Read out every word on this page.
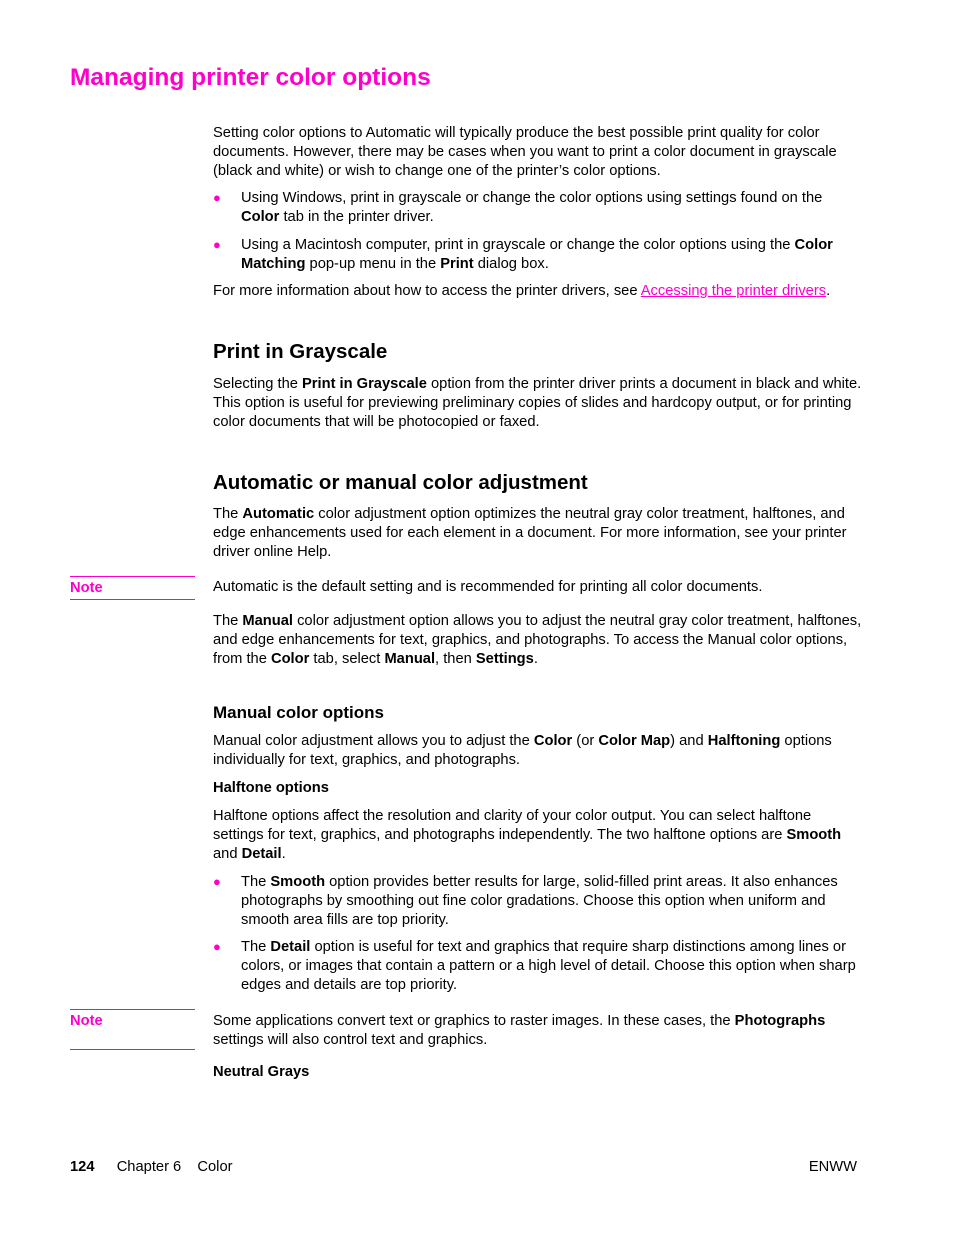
Managing printer color options

Setting color options to Automatic will typically produce the best possible print quality for color documents. However, there may be cases when you want to print a color document in grayscale (black and white) or wish to change one of the printer’s color options.

● Using Windows, print in grayscale or change the color options using settings found on the Color tab in the printer driver.

● Using a Macintosh computer, print in grayscale or change the color options using the Color Matching pop-up menu in the Print dialog box.

For more information about how to access the printer drivers, see Accessing the printer drivers.

Print in Grayscale

Selecting the Print in Grayscale option from the printer driver prints a document in black and white. This option is useful for previewing preliminary copies of slides and hardcopy output, or for printing color documents that will be photocopied or faxed.

Automatic or manual color adjustment

The Automatic color adjustment option optimizes the neutral gray color treatment, halftones, and edge enhancements used for each element in a document. For more information, see your printer driver online Help.

Note	Automatic is the default setting and is recommended for printing all color documents.

The Manual color adjustment option allows you to adjust the neutral gray color treatment, halftones, and edge enhancements for text, graphics, and photographs. To access the Manual color options, from the Color tab, select Manual, then Settings.

Manual color options

Manual color adjustment allows you to adjust the Color (or Color Map) and Halftoning options individually for text, graphics, and photographs.

Halftone options

Halftone options affect the resolution and clarity of your color output. You can select halftone settings for text, graphics, and photographs independently. The two halftone options are Smooth and Detail.

● The Smooth option provides better results for large, solid-filled print areas. It also enhances photographs by smoothing out fine color gradations. Choose this option when uniform and smooth area fills are top priority.

● The Detail option is useful for text and graphics that require sharp distinctions among lines or colors, or images that contain a pattern or a high level of detail. Choose this option when sharp edges and details are top priority.

Note	Some applications convert text or graphics to raster images. In these cases, the Photographs settings will also control text and graphics.

Neutral Grays
124 Chapter 6 Color	ENWW
